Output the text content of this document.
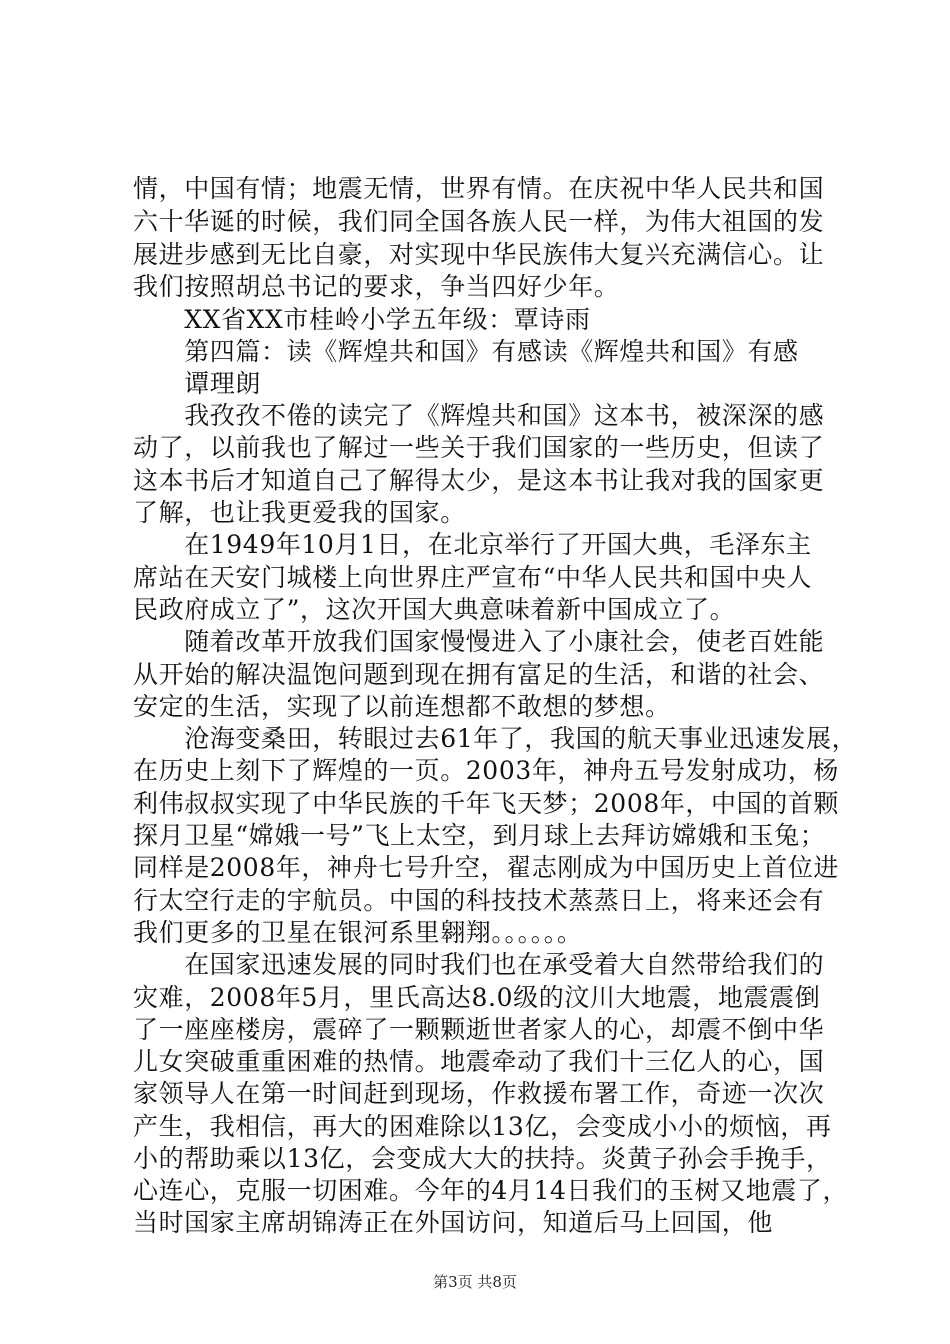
情，中国有情；地震无情，世界有情。在庆祝中华人民共和国
六十华诞的时候，我们同全国各族人民一样，为伟大祖国的发
展进步感到无比自豪，对实现中华民族伟大复兴充满信心。让
我们按照胡总书记的要求，争当四好少年。
　　XX省XX市桂岭小学五年级：覃诗雨
　　第四篇：读《辉煌共和国》有感读《辉煌共和国》有感
　　谭理朗
　　我孜孜不倦的读完了《辉煌共和国》这本书，被深深的感
动了，以前我也了解过一些关于我们国家的一些历史，但读了
这本书后才知道自己了解得太少，是这本书让我对我的国家更
了解，也让我更爱我的国家。
　　在1949年10月1日，在北京举行了开国大典，毛泽东主
席站在天安门城楼上向世界庄严宣布“中华人民共和国中央人
民政府成立了”，这次开国大典意味着新中国成立了。
　　随着改革开放我们国家慢慢进入了小康社会，使老百姓能
从开始的解决温饱问题到现在拥有富足的生活，和谐的社会、
安定的生活，实现了以前连想都不敢想的梦想。
　　沧海变桑田，转眼过去61年了，我国的航天事业迅速发展，
在历史上刻下了辉煌的一页。2003年，神舟五号发射成功，杨
利伟叔叔实现了中华民族的千年飞天梦；2008年，中国的首颗
探月卫星“嫦娥一号”飞上太空，到月球上去拜访嫦娥和玉兔；
同样是2008年，神舟七号升空，翟志刚成为中国历史上首位进
行太空行走的宇航员。中国的科技技术蒸蒸日上，将来还会有
我们更多的卫星在银河系里翱翔。。。。。。
　　在国家迅速发展的同时我们也在承受着大自然带给我们的
灾难，2008年5月，里氏高达8.0级的汶川大地震，地震震倒
了一座座楼房，震碎了一颗颗逝世者家人的心，却震不倒中华
儿女突破重重困难的热情。地震牵动了我们十三亿人的心，国
家领导人在第一时间赶到现场，作救援布署工作，奇迹一次次
产生，我相信，再大的困难除以13亿，会变成小小的烦恼，再
小的帮助乘以13亿，会变成大大的扶持。炎黄子孙会手挽手，
心连心，克服一切困难。今年的4月14日我们的玉树又地震了，
当时国家主席胡锦涛正在外国访问，知道后马上回国，他
第3页 共8页
